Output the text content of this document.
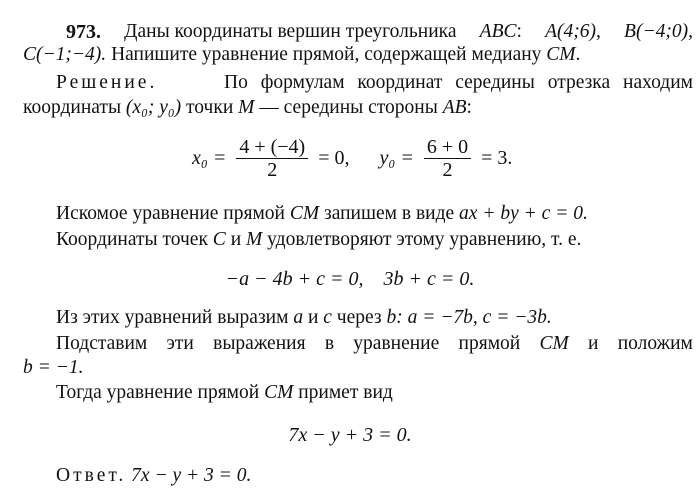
973. Даны координаты вершин треугольника ABC: A(4;6), B(−4;0),
C(−1;−4). Напишите уравнение прямой, содержащей медиану CM.
Решение.	По формулам координат середины отрезка находим
координаты (x₀; y₀) точки M — середины стороны AB:
$x_0 = \frac{4 + (-4)}{2} = 0$, $y_0 = \frac{6 + 0}{2} = 3$.
Искомое уравнение прямой CM запишем в виде ax + by + c = 0.
Координаты точек C и M удовлетворяют этому уравнению, т. е.
−a − 4b + c = 0,    3b + c = 0.
Из этих уравнений выразим a и c через b: a = −7b, c = −3b.
Подставим эти выражения в уравнение прямой CM и положим
b = −1.
Тогда уравнение прямой CM примет вид
7x − y + 3 = 0.
Ответ. 7x − y + 3 = 0.
